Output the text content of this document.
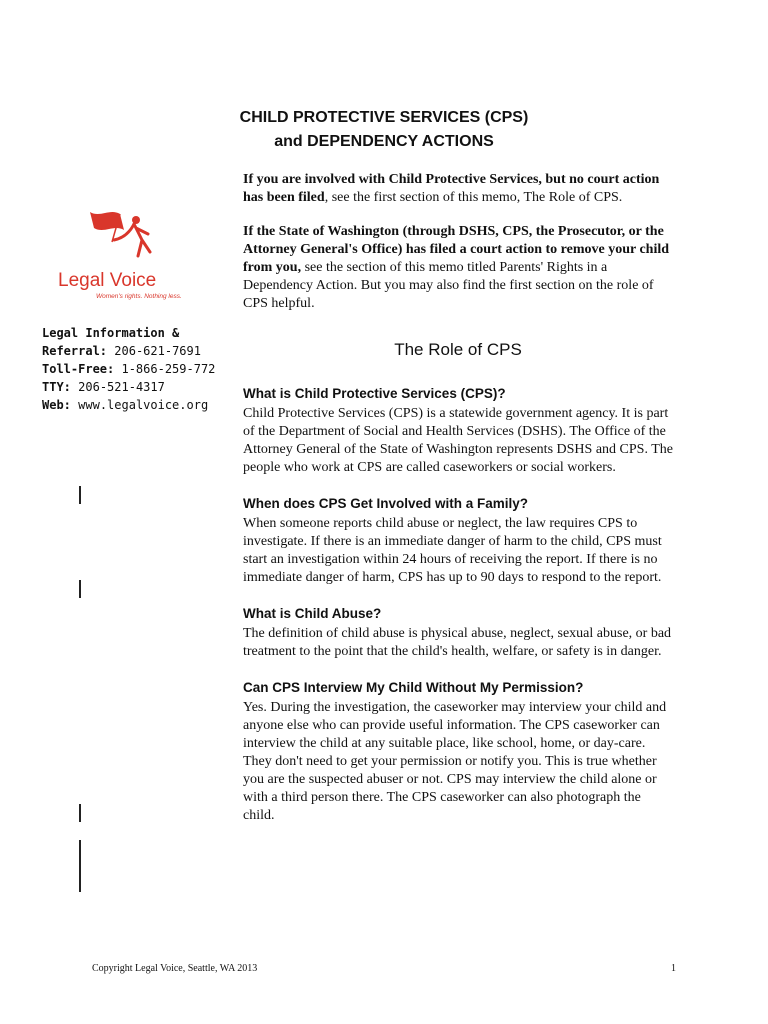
CHILD PROTECTIVE SERVICES (CPS)
and DEPENDENCY ACTIONS
Legal Voice
Women's rights. Nothing less.
Legal Information &
Referral: 206-621-7691
Toll-Free: 1-866-259-772
TTY: 206-521-4317
Web: www.legalvoice.org

If you are involved with Child Protective Services, but no court action has been filed, see the first section of this memo, The Role of CPS.

If the State of Washington (through DSHS, CPS, the Prosecutor, or the Attorney General's Office) has filed a court action to remove your child from you, see the section of this memo titled Parents' Rights in a Dependency Action. But you may also find the first section on the role of CPS helpful.

The Role of CPS
What is Child Protective Services (CPS)?

Child Protective Services (CPS) is a statewide government agency. It is part of the Department of Social and Health Services (DSHS). The Office of the Attorney General of the State of Washington represents DSHS and CPS. The people who work at CPS are called caseworkers or social workers.

When does CPS Get Involved with a Family?

When someone reports child abuse or neglect, the law requires CPS to investigate. If there is an immediate danger of harm to the child, CPS must start an investigation within 24 hours of receiving the report. If there is no immediate danger of harm, CPS has up to 90 days to respond to the report.

What is Child Abuse?

The definition of child abuse is physical abuse, neglect, sexual abuse, or bad treatment to the point that the child's health, welfare, or safety is in danger.

Can CPS Interview My Child Without My Permission?

Yes. During the investigation, the caseworker may interview your child and anyone else who can provide useful information. The CPS caseworker can interview the child at any suitable place, like school, home, or day-care. They don't need to get your permission or notify you. This is true whether you are the suspected abuser or not. CPS may interview the child alone or with a third person there. The CPS caseworker can also photograph the child.

Copyright Legal Voice, Seattle, WA 2013	1
